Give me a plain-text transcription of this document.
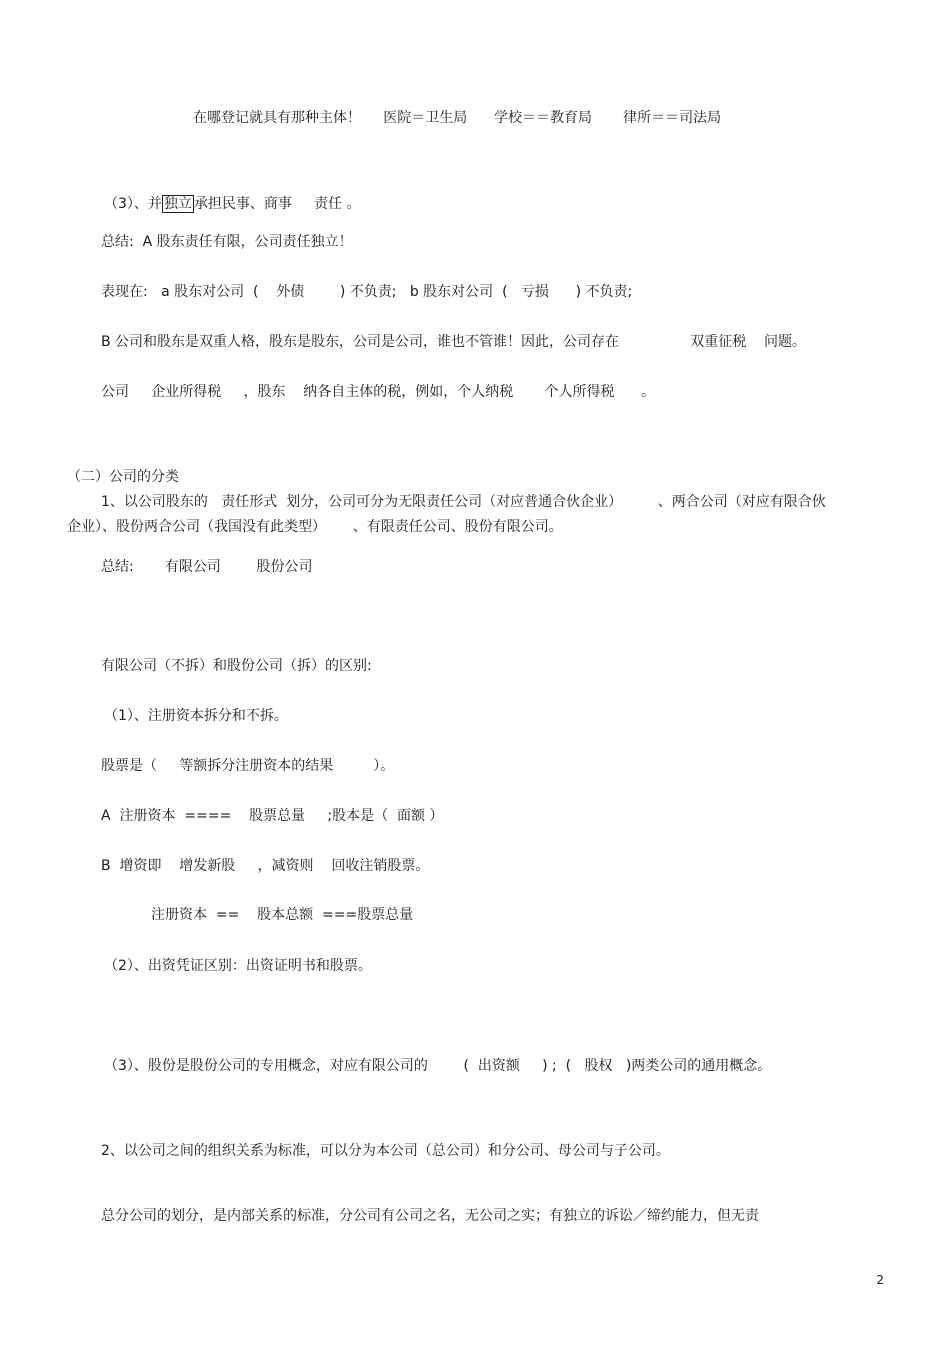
在哪登记就具有那种主体！     医院＝卫生局      学校＝＝教育局       律所＝＝司法局
（3）、并 独立 承担民事、商事     责任 。
总结:  A 股东责任有限，公司责任独立！
表现在:   a 股东对公司  (    外债        ) 不负责;   b 股东对公司  (   亏损      ) 不负责;
B 公司和股东是双重人格，股东是股东，公司是公司，谁也不管谁！因此，公司存在                双重征税    问题。
公司     企业所得税     ，股东    纳各自主体的税，例如，个人纳税       个人所得税      。
（二）公司的分类
1、以公司股东的   责任形式  划分，公司可分为无限责任公司（对应普通合伙企业）        、两合公司（对应有限合伙
企业）、股份两合公司（我国没有此类型）      、有限责任公司、股份有限公司。
总结:       有限公司        股份公司
有限公司（不拆）和股份公司（拆）的区别:
（1）、注册资本拆分和不拆。
股票是（     等额拆分注册资本的结果         ）。
A  注册资本  ====    股票总量     ;股本是（  面额 ）
B  增资即    增发新股     ，减资则    回收注销股票。
注册资本  ==    股本总额  ===股票总量
（2）、出资凭证区别：出资证明书和股票。
（3）、股份是股份公司的专用概念，对应有限公司的        (  出资额     ) ;  (   股权   )两类公司的通用概念。
2、以公司之间的组织关系为标准，可以分为本公司（总公司）和分公司、母公司与子公司。
总分公司的划分，是内部关系的标准，分公司有公司之名，无公司之实；有独立的诉讼／缔约能力，但无责
2
